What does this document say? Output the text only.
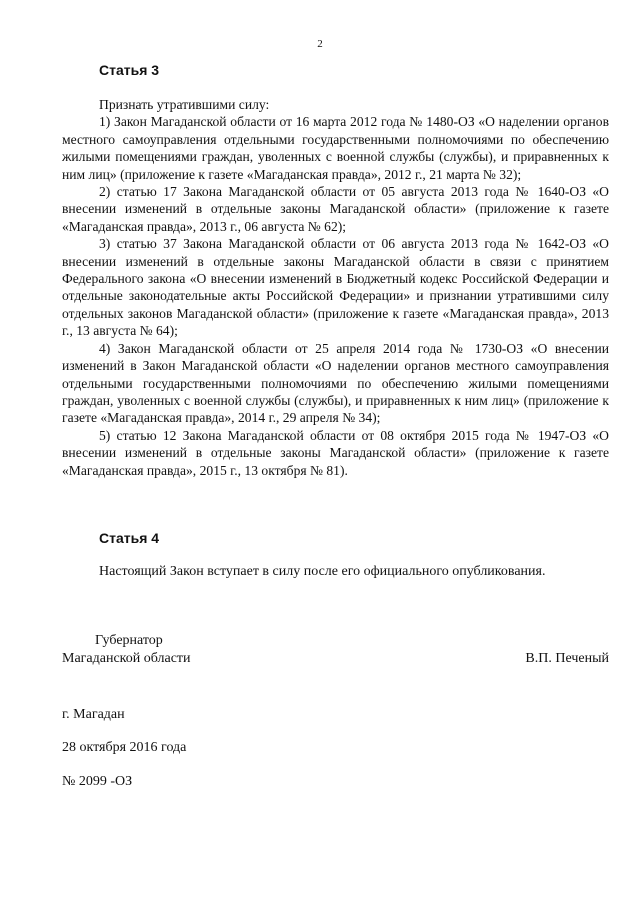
2
Статья 3

Признать утратившими силу:

1) Закон Магаданской области от 16 марта 2012 года № 1480-ОЗ «О наделении органов местного самоуправления отдельными государственными полномочиями по обеспечению жилыми помещениями граждан, уволенных с военной службы (службы), и приравненных к ним лиц» (приложение к газете «Магаданская правда», 2012 г., 21 марта № 32);

2) статью 17 Закона Магаданской области от 05 августа 2013 года № 1640-ОЗ «О внесении изменений в отдельные законы Магаданской области» (приложение к газете «Магаданская правда», 2013 г., 06 августа № 62);

3) статью 37 Закона Магаданской области от 06 августа 2013 года № 1642-ОЗ «О внесении изменений в отдельные законы Магаданской области в связи с принятием Федерального закона «О внесении изменений в Бюджетный кодекс Российской Федерации и отдельные законодательные акты Российской Федерации» и признании утратившими силу отдельных законов Магаданской области» (приложение к газете «Магаданская правда», 2013 г., 13 августа № 64);

4) Закон Магаданской области от 25 апреля 2014 года № 1730-ОЗ «О внесении изменений в Закон Магаданской области «О наделении органов местного самоуправления отдельными государственными полномочиями по обеспечению жилыми помещениями граждан, уволенных с военной службы (службы), и приравненных к ним лиц» (приложение к газете «Магаданская правда», 2014 г., 29 апреля № 34);

5) статью 12 Закона Магаданской области от 08 октября 2015 года № 1947-ОЗ «О внесении изменений в отдельные законы Магаданской области» (приложение к газете «Магаданская правда», 2015 г., 13 октября № 81).

Статья 4
Настоящий Закон вступает в силу после его официального опубликования.
Губернатор
Магаданской области	В.П. Печеный
г. Магадан
28 октября 2016 года
№ 2099 -ОЗ
